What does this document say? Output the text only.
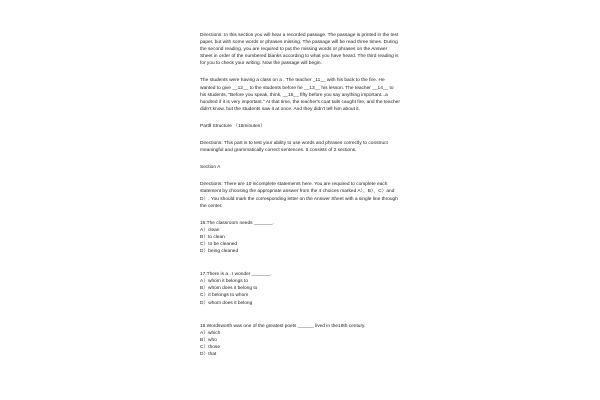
Directions: In this section you will hear a recorded passage. The passage is printed in the test paper, but with some words or phrases missing. The passage will be read three times. During the second reading, you are required to put the missing words or phrases on the Answer Sheet in order of the numbered blanks according to what you have heard. The third reading is for you to check your writing. Now the passage will begin.

The students were having a class on a . The teacher _11__ with his back to the fire. He wanted to give __12__ to the students before he __13__ his lesson. The teacher __14__ to his students, "Before you speak, think, __15__ fifty before you say anything important...a hundred if it is very important." At that time, the teacher's coat tails caught fire, and the teacher didn't know, but the students saw it at once. And they didn't tell him about it.

PartⅡ Structure （15minutes）

Directions: This part is to test your ability to use words and phrases correctly to construct meaningful and grammatically correct sentences. It consists of 2 sections.

Section A

Directions: There are 10 incomplete statements here. You are required to complete each statement by choosing the appropriate answer from the 4 choices marked A）、B）、C）and D）. You should mark the corresponding letter on the Answer Sheet with a single line through the center.

16.The classroom needs _______.

A）clean

B）to clean

C）to be cleaned

D）being cleaned

17.There is a . I wonder _______.

A）whom it belongs to

B）whom does it belong to

C）it belongs to whom

D）whom does it belong

18.Wordsworth was one of the greatest poets ______ lived in the19th century.

A）which

B）who

C）those

D）that
